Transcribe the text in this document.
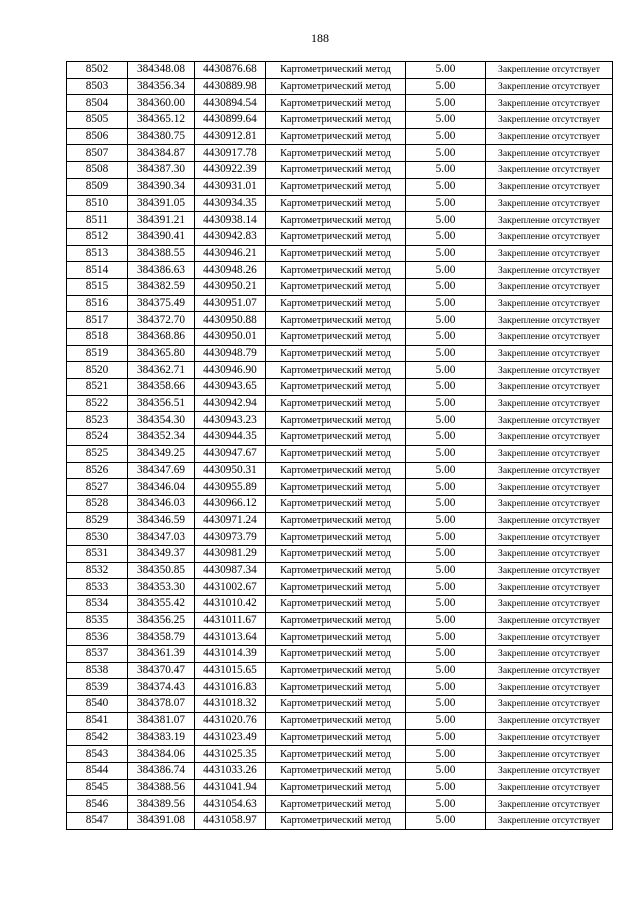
188
8502	384348.08	4430876.68	Картометрический метод	5.00	Закрепление отсутствует
8503	384356.34	4430889.98	Картометрический метод	5.00	Закрепление отсутствует
8504	384360.00	4430894.54	Картометрический метод	5.00	Закрепление отсутствует
8505	384365.12	4430899.64	Картометрический метод	5.00	Закрепление отсутствует
8506	384380.75	4430912.81	Картометрический метод	5.00	Закрепление отсутствует
8507	384384.87	4430917.78	Картометрический метод	5.00	Закрепление отсутствует
8508	384387.30	4430922.39	Картометрический метод	5.00	Закрепление отсутствует
8509	384390.34	4430931.01	Картометрический метод	5.00	Закрепление отсутствует
8510	384391.05	4430934.35	Картометрический метод	5.00	Закрепление отсутствует
8511	384391.21	4430938.14	Картометрический метод	5.00	Закрепление отсутствует
8512	384390.41	4430942.83	Картометрический метод	5.00	Закрепление отсутствует
8513	384388.55	4430946.21	Картометрический метод	5.00	Закрепление отсутствует
8514	384386.63	4430948.26	Картометрический метод	5.00	Закрепление отсутствует
8515	384382.59	4430950.21	Картометрический метод	5.00	Закрепление отсутствует
8516	384375.49	4430951.07	Картометрический метод	5.00	Закрепление отсутствует
8517	384372.70	4430950.88	Картометрический метод	5.00	Закрепление отсутствует
8518	384368.86	4430950.01	Картометрический метод	5.00	Закрепление отсутствует
8519	384365.80	4430948.79	Картометрический метод	5.00	Закрепление отсутствует
8520	384362.71	4430946.90	Картометрический метод	5.00	Закрепление отсутствует
8521	384358.66	4430943.65	Картометрический метод	5.00	Закрепление отсутствует
8522	384356.51	4430942.94	Картометрический метод	5.00	Закрепление отсутствует
8523	384354.30	4430943.23	Картометрический метод	5.00	Закрепление отсутствует
8524	384352.34	4430944.35	Картометрический метод	5.00	Закрепление отсутствует
8525	384349.25	4430947.67	Картометрический метод	5.00	Закрепление отсутствует
8526	384347.69	4430950.31	Картометрический метод	5.00	Закрепление отсутствует
8527	384346.04	4430955.89	Картометрический метод	5.00	Закрепление отсутствует
8528	384346.03	4430966.12	Картометрический метод	5.00	Закрепление отсутствует
8529	384346.59	4430971.24	Картометрический метод	5.00	Закрепление отсутствует
8530	384347.03	4430973.79	Картометрический метод	5.00	Закрепление отсутствует
8531	384349.37	4430981.29	Картометрический метод	5.00	Закрепление отсутствует
8532	384350.85	4430987.34	Картометрический метод	5.00	Закрепление отсутствует
8533	384353.30	4431002.67	Картометрический метод	5.00	Закрепление отсутствует
8534	384355.42	4431010.42	Картометрический метод	5.00	Закрепление отсутствует
8535	384356.25	4431011.67	Картометрический метод	5.00	Закрепление отсутствует
8536	384358.79	4431013.64	Картометрический метод	5.00	Закрепление отсутствует
8537	384361.39	4431014.39	Картометрический метод	5.00	Закрепление отсутствует
8538	384370.47	4431015.65	Картометрический метод	5.00	Закрепление отсутствует
8539	384374.43	4431016.83	Картометрический метод	5.00	Закрепление отсутствует
8540	384378.07	4431018.32	Картометрический метод	5.00	Закрепление отсутствует
8541	384381.07	4431020.76	Картометрический метод	5.00	Закрепление отсутствует
8542	384383.19	4431023.49	Картометрический метод	5.00	Закрепление отсутствует
8543	384384.06	4431025.35	Картометрический метод	5.00	Закрепление отсутствует
8544	384386.74	4431033.26	Картометрический метод	5.00	Закрепление отсутствует
8545	384388.56	4431041.94	Картометрический метод	5.00	Закрепление отсутствует
8546	384389.56	4431054.63	Картометрический метод	5.00	Закрепление отсутствует
8547	384391.08	4431058.97	Картометрический метод	5.00	Закрепление отсутствует
